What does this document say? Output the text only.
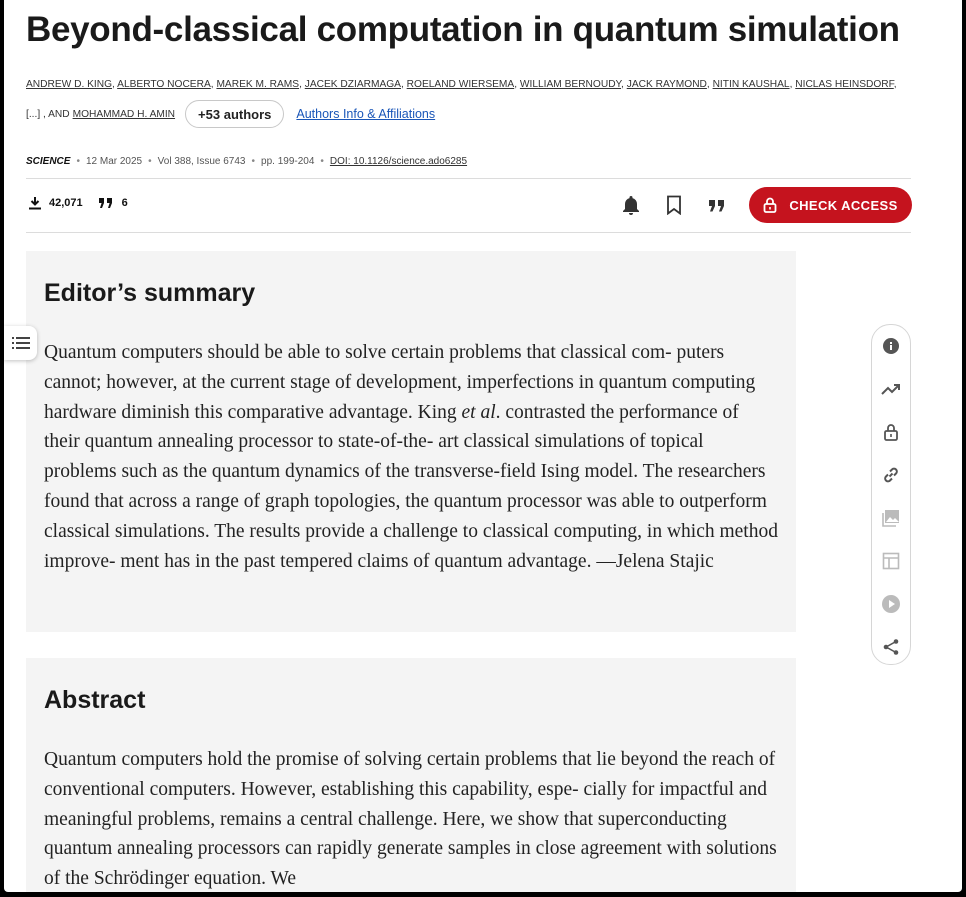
Beyond-classical computation in quantum simulation
ANDREW D. KING, ALBERTO NOCERA, MAREK M. RAMS, JACEK DZIARMAGA, ROELAND WIERSEMA, WILLIAM BERNOUDY, JACK RAYMOND, NITIN KAUSHAL, NICLAS HEINSDORF,
[...] , AND MOHAMMAD H. AMIN	+53 authors	Authors Info & Affiliations
SCIENCE • 12 Mar 2025 • Vol 388, Issue 6743 • pp. 199-204 • DOI: 10.1126/science.ado6285
42,071	6	CHECK ACCESS
Editor’s summary

Quantum computers should be able to solve certain problems that classical com- puters cannot; however, at the current stage of development, imperfections in quantum computing hardware diminish this comparative advantage. King et al. contrasted the performance of their quantum annealing processor to state-of-the- art classical simulations of topical problems such as the quantum dynamics of the transverse-field Ising model. The researchers found that across a range of graph topologies, the quantum processor was able to outperform classical simulations. The results provide a challenge to classical computing, in which method improve- ment has in the past tempered claims of quantum advantage. —Jelena Stajic

Abstract

Quantum computers hold the promise of solving certain problems that lie beyond the reach of conventional computers. However, establishing this capability, espe- cially for impactful and meaningful problems, remains a central challenge. Here, we show that superconducting quantum annealing processors can rapidly generate samples in close agreement with solutions of the Schrödinger equation. We
